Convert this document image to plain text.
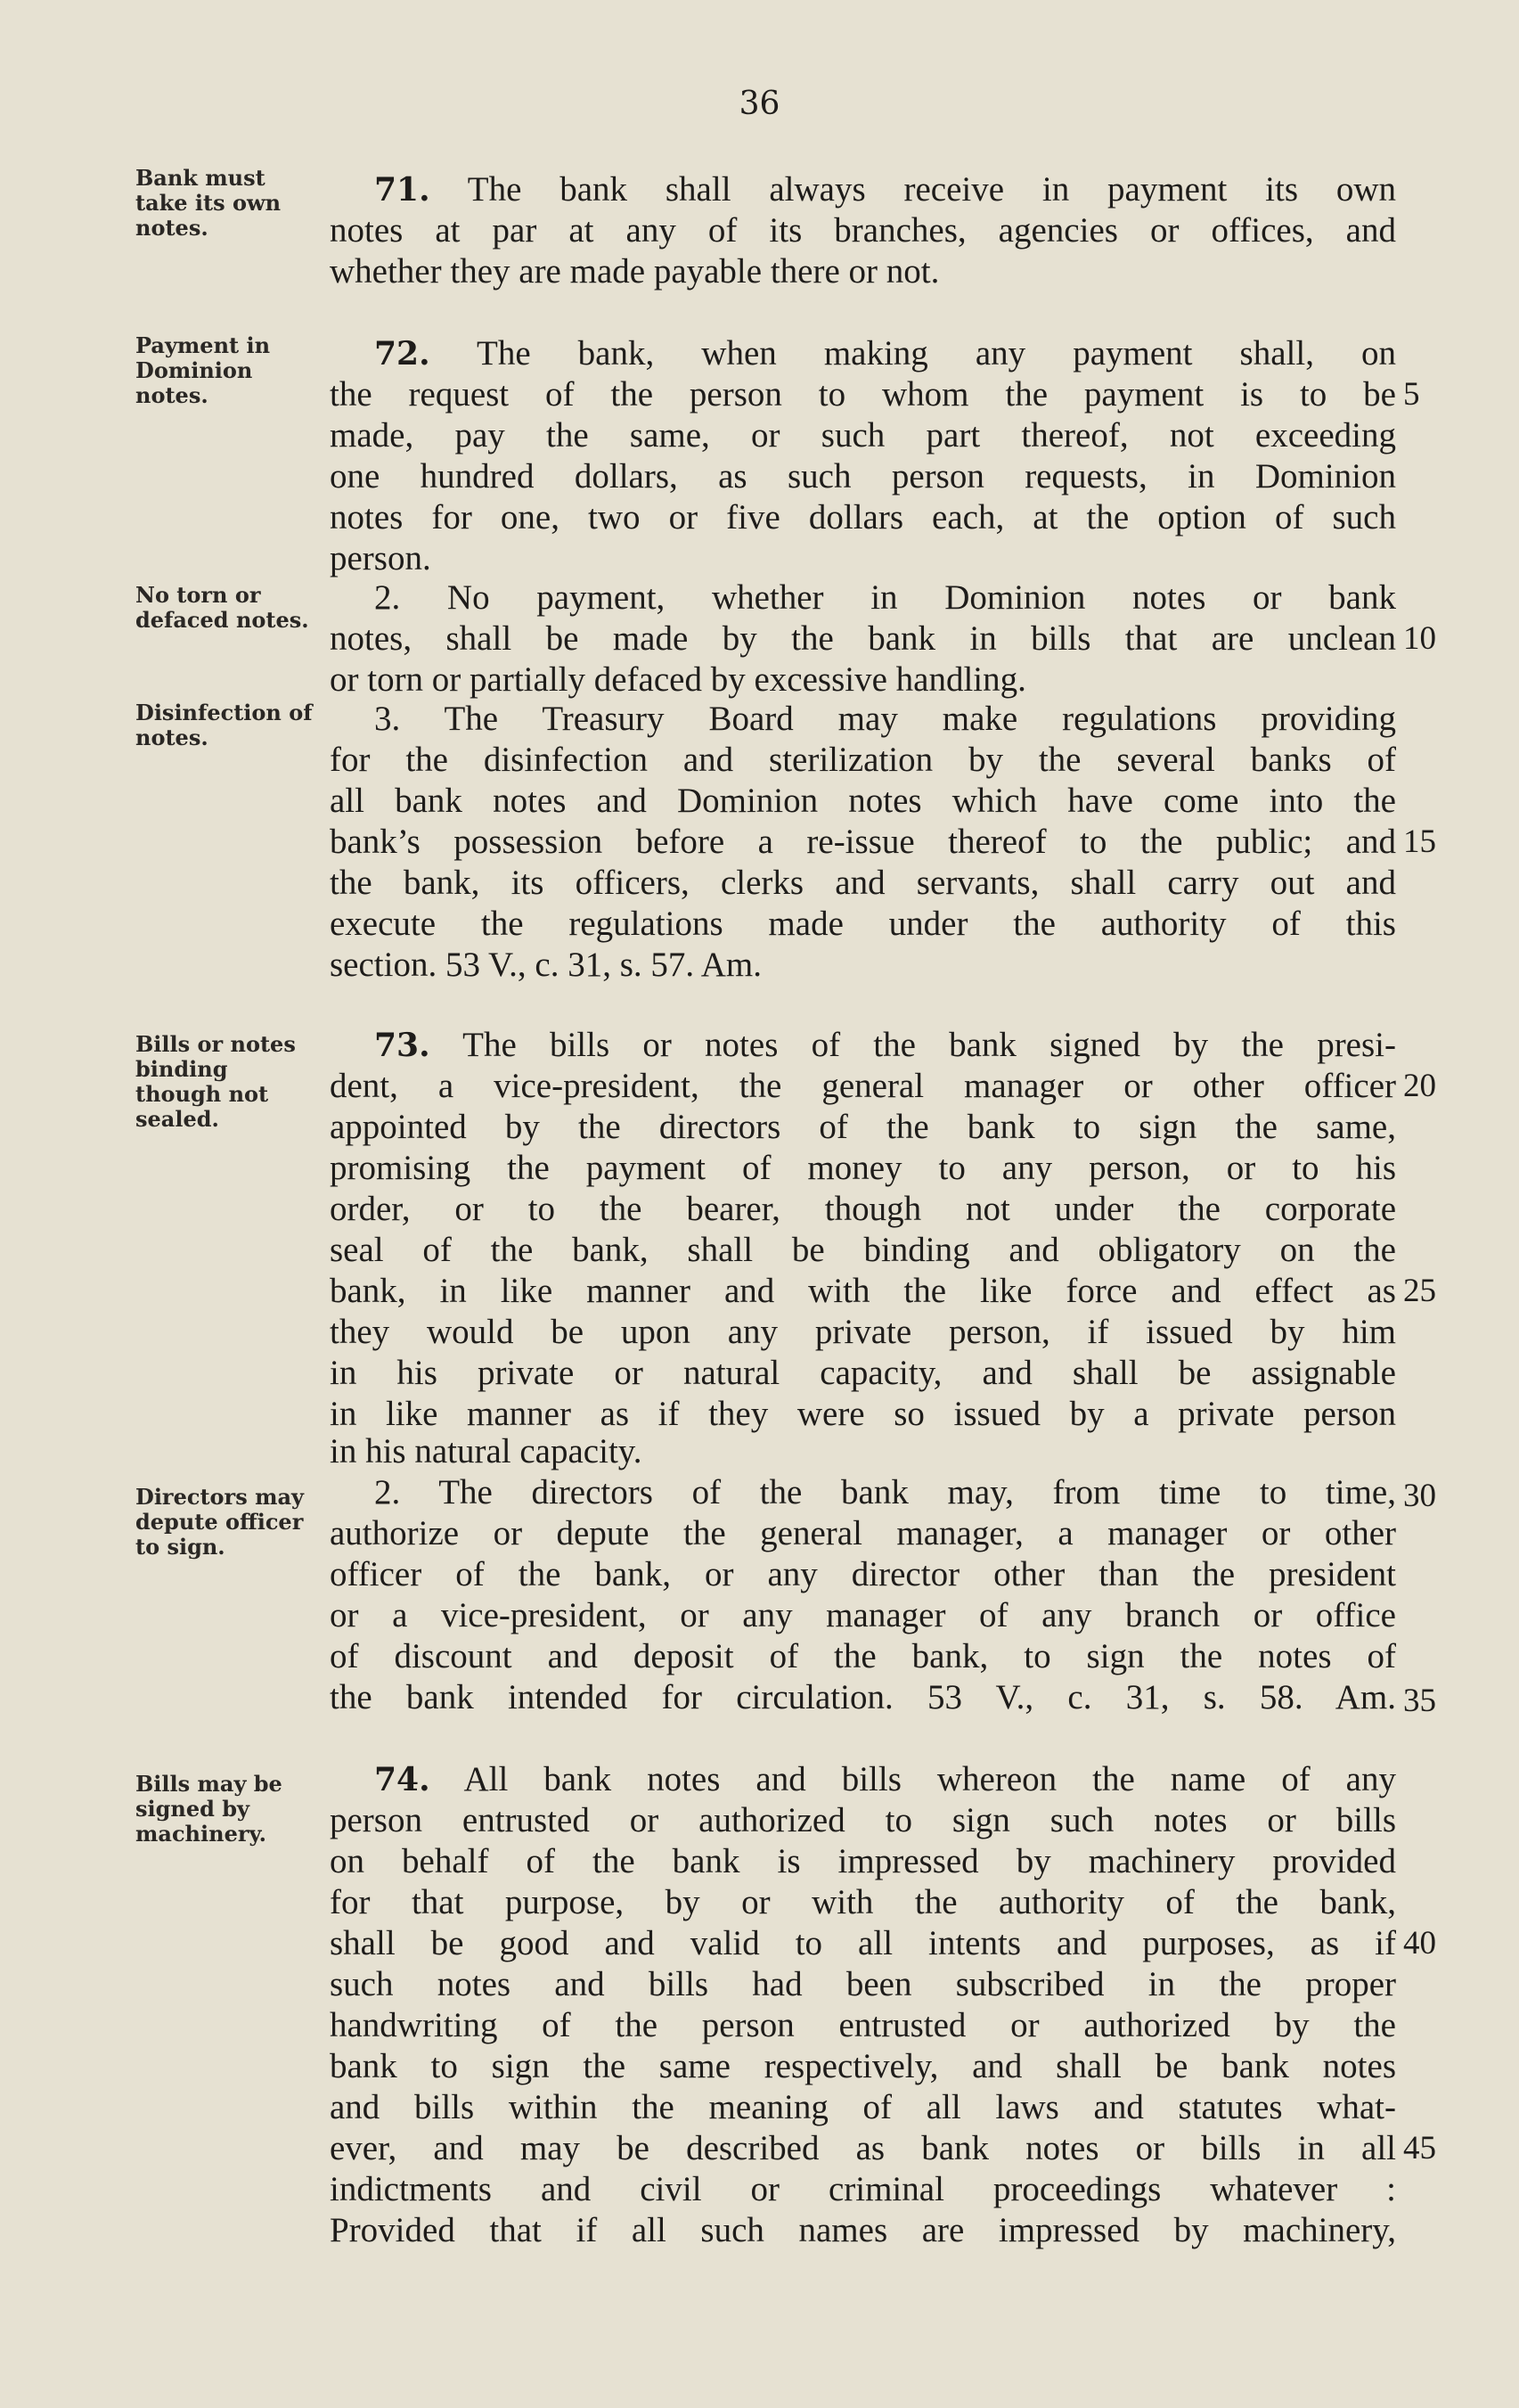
36
Bank must take its own notes.
Payment in Dominion notes.
No torn or defaced notes.
Disinfection of notes.
Bills or notes binding though not sealed.
Directors may depute officer to sign.
Bills may be signed by machinery.
71. The bank shall always receive in payment its own
notes at par at any of its branches, agencies or offices, and
whether they are made payable there or not.
72. The bank, when making any payment shall, on
the request of the person to whom the payment is to be
made, pay the same, or such part thereof, not exceeding
one hundred dollars, as such person requests, in Dominion
notes for one, two or five dollars each, at the option of such
person.
2. No payment, whether in Dominion notes or bank
notes, shall be made by the bank in bills that are unclean
or torn or partially defaced by excessive handling.
3. The Treasury Board may make regulations providing
for the disinfection and sterilization by the several banks of
all bank notes and Dominion notes which have come into the
bank’s possession before a re-issue thereof to the public; and
the bank, its officers, clerks and servants, shall carry out and
execute the regulations made under the authority of this
section. 53 V., c. 31, s. 57. Am.
73. The bills or notes of the bank signed by the presi-
dent, a vice-president, the general manager or other officer
appointed by the directors of the bank to sign the same,
promising the payment of money to any person, or to his
order, or to the bearer, though not under the corporate
seal of the bank, shall be binding and obligatory on the
bank, in like manner and with the like force and effect as
they would be upon any private person, if issued by him
in his private or natural capacity, and shall be assignable
in like manner as if they were so issued by a private person
in his natural capacity.
2. The directors of the bank may, from time to time,
authorize or depute the general manager, a manager or other
officer of the bank, or any director other than the president
or a vice-president, or any manager of any branch or office
of discount and deposit of the bank, to sign the notes of
the bank intended for circulation. 53 V., c. 31, s. 58. Am.
74. All bank notes and bills whereon the name of any
person entrusted or authorized to sign such notes or bills
on behalf of the bank is impressed by machinery provided
for that purpose, by or with the authority of the bank,
shall be good and valid to all intents and purposes, as if
such notes and bills had been subscribed in the proper
handwriting of the person entrusted or authorized by the
bank to sign the same respectively, and shall be bank notes
and bills within the meaning of all laws and statutes what-
ever, and may be described as bank notes or bills in all
indictments and civil or criminal proceedings whatever :
Provided that if all such names are impressed by machinery,
5
10
15
20
25
30
35
40
45
